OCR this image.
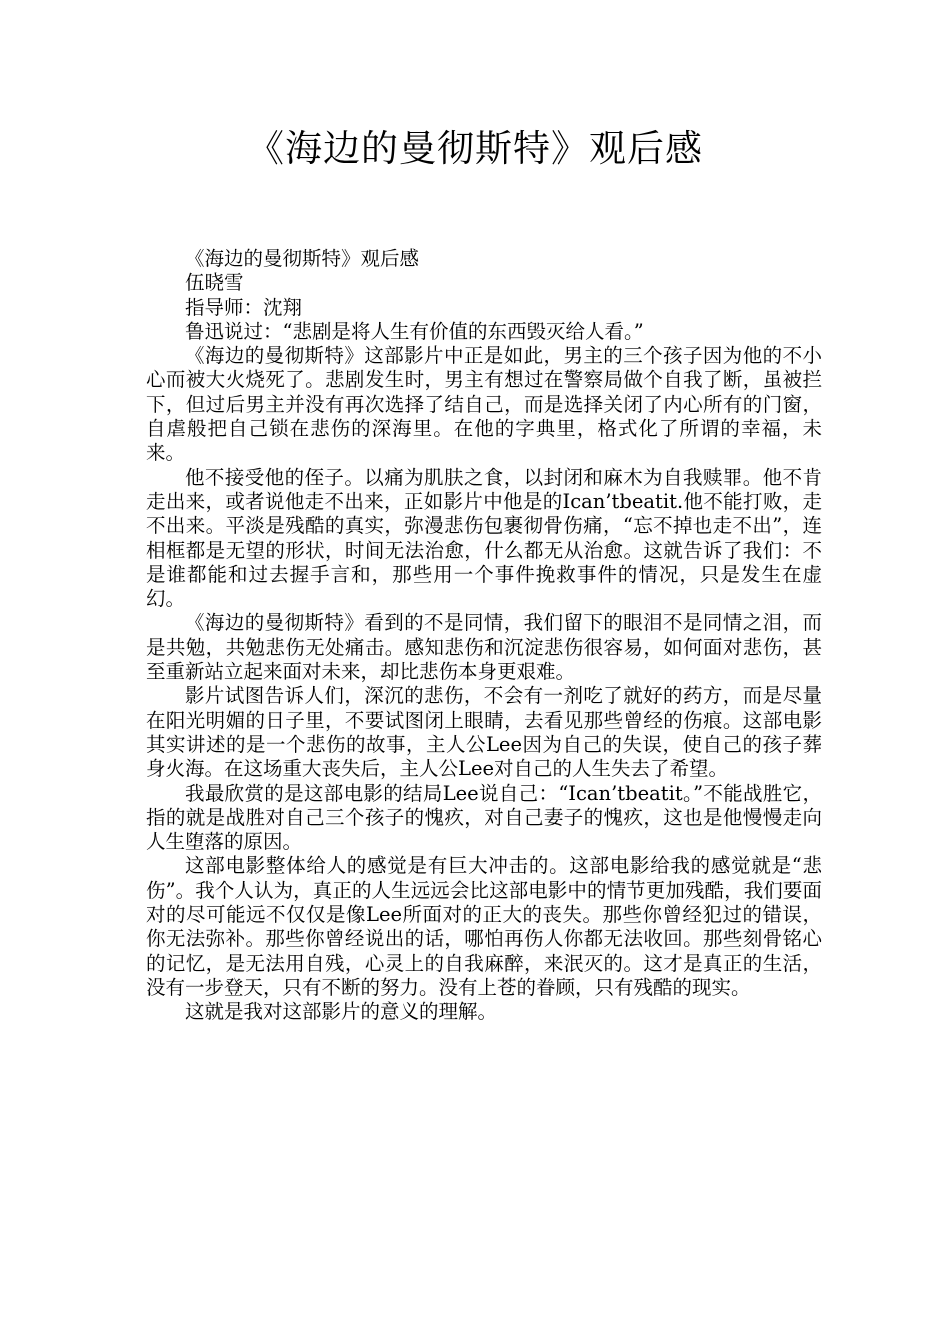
《海边的曼彻斯特》观后感

《海边的曼彻斯特》观后感

伍晓雪

指导师：沈翔

鲁迅说过：“悲剧是将人生有价值的东西毁灭给人看。”

《海边的曼彻斯特》这部影片中正是如此，男主的三个孩子因为他的不小心而被大火烧死了。悲剧发生时，男主有想过在警察局做个自我了断，虽被拦下，但过后男主并没有再次选择了结自己，而是选择关闭了内心所有的门窗，自虐般把自己锁在悲伤的深海里。在他的字典里，格式化了所谓的幸福，未来。

他不接受他的侄子。以痛为肌肤之食，以封闭和麻木为自我赎罪。他不肯走出来，或者说他走不出来，正如影片中他是的Ican’tbeatit.他不能打败，走不出来。平淡是残酷的真实，弥漫悲伤包裹彻骨伤痛，“忘不掉也走不出”，连相框都是无望的形状，时间无法治愈，什么都无从治愈。这就告诉了我们：不是谁都能和过去握手言和，那些用一个事件挽救事件的情况，只是发生在虚幻。

《海边的曼彻斯特》看到的不是同情，我们留下的眼泪不是同情之泪，而是共勉，共勉悲伤无处痛击。感知悲伤和沉淀悲伤很容易，如何面对悲伤，甚至重新站立起来面对未来，却比悲伤本身更艰难。

影片试图告诉人们，深沉的悲伤，不会有一剂吃了就好的药方，而是尽量在阳光明媚的日子里，不要试图闭上眼睛，去看见那些曾经的伤痕。这部电影其实讲述的是一个悲伤的故事，主人公Lee因为自己的失误，使自己的孩子葬身火海。在这场重大丧失后，主人公Lee对自己的人生失去了希望。

我最欣赏的是这部电影的结局Lee说自己：“Ican’tbeatit。”不能战胜它，指的就是战胜对自己三个孩子的愧疚，对自己妻子的愧疚，这也是他慢慢走向人生堕落的原因。

这部电影整体给人的感觉是有巨大冲击的。这部电影给我的感觉就是“悲伤”。我个人认为，真正的人生远远会比这部电影中的情节更加残酷，我们要面对的尽可能远不仅仅是像Lee所面对的正大的丧失。那些你曾经犯过的错误，你无法弥补。那些你曾经说出的话，哪怕再伤人你都无法收回。那些刻骨铭心的记忆，是无法用自残，心灵上的自我麻醉，来泯灭的。这才是真正的生活，没有一步登天，只有不断的努力。没有上苍的眷顾，只有残酷的现实。

这就是我对这部影片的意义的理解。
